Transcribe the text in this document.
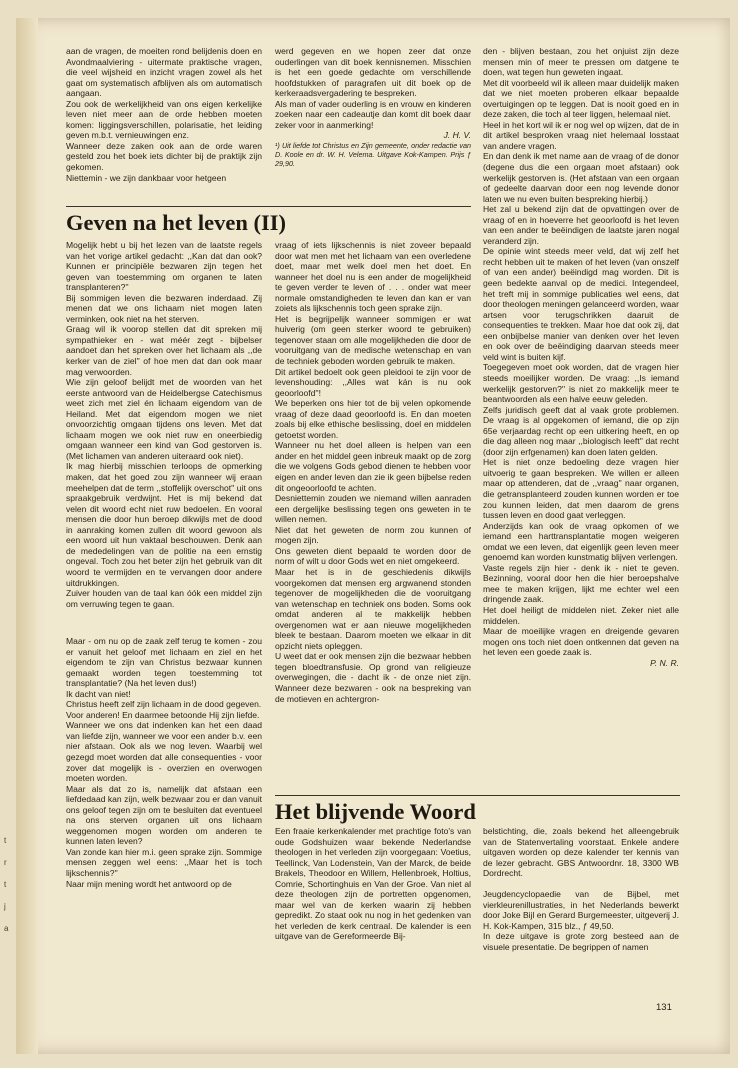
aan de vragen, de moeiten rond belijdenis doen en Avondmaalviering - uitermate praktische vragen, die veel wijsheid en inzicht vragen zowel als het gaat om systematisch afblijven als om automatisch aangaan.

Zou ook de werkelijkheid van ons eigen kerkelijke leven niet meer aan de orde hebben moeten komen: liggingsverschillen, polarisatie, het leiding geven m.b.t. vernieuwingen enz.

Wanneer deze zaken ook aan de orde waren gesteld zou het boek iets dichter bij de praktijk zijn gekomen.

Niettemin - we zijn dankbaar voor hetgeen

werd gegeven en we hopen zeer dat onze ouderlingen van dit boek kennisnemen. Misschien is het een goede gedachte om verschillende hoofdstukken of paragrafen uit dit boek op de kerkeraadsvergadering te bespreken.

Als man of vader ouderling is en vrouw en kinderen zoeken naar een cadeautje dan komt dit boek daar zeker voor in aanmerking!

J. H. V.

¹) Uit liefde tot Christus en Zijn gemeente, onder redactie van D. Koole en dr. W. H. Velema. Uitgave Kok-Kampen. Prijs ƒ 29,90.

den - blijven bestaan, zou het onjuist zijn deze mensen min of meer te pressen om datgene te doen, wat tegen hun geweten ingaat.

Met dit voorbeeld wil ik alleen maar duidelijk maken dat we niet moeten proberen elkaar bepaalde overtuigingen op te leggen. Dat is nooit goed en in deze zaken, die toch al teer liggen, helemaal niet.

Heel in het kort wil ik er nog wel op wijzen, dat de in dit artikel besproken vraag niet helemaal losstaat van andere vragen.

En dan denk ik met name aan de vraag of de donor (degene dus die een orgaan moet afstaan) ook werkelijk gestorven is. (Het afstaan van een orgaan of gedeelte daarvan door een nog levende donor laten we nu even buiten bespreking hierbij.)

Het zal u bekend zijn dat de opvattingen over de vraag of en in hoeverre het geoorloofd is het leven van een ander te beëindigen de laatste jaren nogal veranderd zijn.

De opinie wint steeds meer veld, dat wij zelf het recht hebben uit te maken of het leven (van onszelf of van een ander) beëindigd mag worden. Dit is geen bedekte aanval op de medici. Integendeel, het treft mij in sommige publicaties wel eens, dat door theologen meningen gelanceerd worden, waar artsen voor terugschrikken daaruit de consequenties te trekken. Maar hoe dat ook zij, dat een onbijbelse manier van denken over het leven en ook over de beëindiging daarvan steeds meer veld wint is buiten kijf.

Toegegeven moet ook worden, dat de vragen hier steeds moeilijker worden. De vraag: ,,Is iemand werkelijk gestorven?'' is niet zo makkelijk meer te beantwoorden als een halve eeuw geleden.

Zelfs juridisch geeft dat al vaak grote problemen. De vraag is al opgekomen of iemand, die op zijn 65e verjaardag recht op een uitkering heeft, en op die dag alleen nog maar ,,biologisch leeft'' dat recht (door zijn erfgenamen) kan doen laten gelden.

Het is niet onze bedoeling deze vragen hier uitvoerig te gaan bespreken. We willen er alleen maar op attenderen, dat de ,,vraag'' naar organen, die getransplanteerd zouden kunnen worden er toe zou kunnen leiden, dat men daarom de grens tussen leven en dood gaat verleggen.

Anderzijds kan ook de vraag opkomen of we iemand een harttransplantatie mogen weigeren omdat we een leven, dat eigenlijk geen leven meer genoemd kan worden kunstmatig blijven verlengen.

Vaste regels zijn hier - denk ik - niet te geven. Bezinning, vooral door hen die hier beroepshalve mee te maken krijgen, lijkt me echter wel een dringende zaak.

Het doel heiligt de middelen niet. Zeker niet alle middelen.

Maar de moeilijke vragen en dreigende gevaren mogen ons toch niet doen ontkennen dat geven na het leven een goede zaak is.

P. N. R.

Geven na het leven (II)

Mogelijk hebt u bij het lezen van de laatste regels van het vorige artikel gedacht: ,,Kan dat dan ook? Kunnen er principiële bezwaren zijn tegen het geven van toestemming om organen te laten transplanteren?''

Bij sommigen leven die bezwaren inderdaad. Zij menen dat we ons lichaam niet mogen laten verminken, ook niet na het sterven.

Graag wil ik voorop stellen dat dit spreken mij sympathieker en - wat méér zegt - bijbelser aandoet dan het spreken over het lichaam als ,,de kerker van de ziel'' of hoe men dat dan ook maar mag verwoorden.

Wie zijn geloof belijdt met de woorden van het eerste antwoord van de Heidelbergse Catechismus weet zich met ziel én lichaam eigendom van de Heiland. Met dat eigendom mogen we niet onvoorzichtig omgaan tijdens ons leven. Met dat lichaam mogen we ook niet ruw en oneerbiedig omgaan wanneer een kind van God gestorven is. (Met lichamen van anderen uiteraard ook niet).

Ik mag hierbij misschien terloops de opmerking maken, dat het goed zou zijn wanneer wij eraan meehelpen dat de term ,,stoffelijk overschot'' uit ons spraakgebruik verdwijnt. Het is mij bekend dat velen dit woord echt niet ruw bedoelen. En vooral mensen die door hun beroep dikwijls met de dood in aanraking komen zullen dit woord gewoon als een woord uit hun vaktaal beschouwen. Denk aan de mededelingen van de politie na een ernstig ongeval. Toch zou het beter zijn het gebruik van dit woord te vermijden en te vervangen door andere uitdrukkingen.

Zuiver houden van de taal kan óók een middel zijn om verruwing tegen te gaan.

Maar - om nu op de zaak zelf terug te komen - zou er vanuit het geloof met lichaam en ziel en het eigendom te zijn van Christus bezwaar kunnen gemaakt worden tegen toestemming tot transplantatie? (Na het leven dus!)

Ik dacht van niet!

Christus heeft zelf zijn lichaam in de dood gegeven.

Voor anderen! En daarmee betoonde Hij zijn liefde.

Wanneer we ons dat indenken kan het een daad van liefde zijn, wanneer we voor een ander b.v. een nier afstaan. Ook als we nog leven. Waarbij wel gezegd moet worden dat alle consequenties - voor zover dat mogelijk is - overzien en overwogen moeten worden.

Maar als dat zo is, namelijk dat afstaan een liefdedaad kan zijn, welk bezwaar zou er dan vanuit ons geloof tegen zijn om te besluiten dat eventueel na ons sterven organen uit ons lichaam weggenomen mogen worden om anderen te kunnen laten leven?

Van zonde kan hier m.i. geen sprake zijn. Sommige mensen zeggen wel eens: ,,Maar het is toch lijkschennis?''

Naar mijn mening wordt het antwoord op de

vraag of iets lijkschennis is niet zoveer bepaald door wat men met het lichaam van een overledene doet, maar met welk doel men het doet. En wanneer het doel nu is een ander de mogelijkheid te geven verder te leven of . . . onder wat meer normale omstandigheden te leven dan kan er van zoiets als lijkschennis toch geen sprake zijn.

Het is begrijpelijk wanneer sommigen er wat huiverig (om geen sterker woord te gebruiken) tegenover staan om alle mogelijkheden die door de vooruitgang van de medische wetenschap en van de techniek geboden worden gebruik te maken.

Dit artikel bedoelt ook geen pleidooi te zijn voor de levenshouding: ,,Alles wat kán is nu ook geoorloofd''!

We beperken ons hier tot de bij velen opkomende vraag of deze daad geoorloofd is. En dan moeten zoals bij elke ethische beslissing, doel en middelen getoetst worden.

Wanneer nu het doel alleen is helpen van een ander en het middel geen inbreuk maakt op de zorg die we volgens Gods gebod dienen te hebben voor eigen en ander leven dan zie ik geen bijbelse reden dit ongeoorloofd te achten.

Desniettemin zouden we niemand willen aanraden een dergelijke beslissing tegen ons geweten in te willen nemen.

Niet dat het geweten de norm zou kunnen of mogen zijn.

Ons geweten dient bepaald te worden door de norm of wilt u door Gods wet en niet omgekeerd.

Maar het is in de geschiedenis dikwijls voorgekomen dat mensen erg argwanend stonden tegenover de mogelijkheden die de vooruitgang van wetenschap en techniek ons boden. Soms ook omdat anderen al te makkelijk hebben overgenomen wat er aan nieuwe mogelijkheden bleek te bestaan. Daarom moeten we elkaar in dit opzicht niets opleggen.

U weet dat er ook mensen zijn die bezwaar hebben tegen bloedtransfusie. Op grond van religieuze overwegingen, die - dacht ik - de onze niet zijn. Wanneer deze bezwaren - ook na bespreking van de motieven en achtergron-

Het blijvende Woord

Een fraaie kerkenkalender met prachtige foto's van oude Godshuizen waar bekende Nederlandse theologen in het verleden zijn voorgegaan: Voetius, Teellinck, Van Lodenstein, Van der Marck, de beide Brakels, Theodoor en Willem, Hellenbroek, Holtius, Comrie, Schortinghuis en Van der Groe. Van niet al deze theologen zijn de portretten opgenomen, maar wel van de kerken waarin zij hebben gepredikt. Zo staat ook nu nog in het gedenken van het verleden de kerk centraal. De kalender is een uitgave van de Gereformeerde Bij-

belstichting, die, zoals bekend het alleengebruik van de Statenvertaling voorstaat. Enkele andere uitgaven worden op deze kalender ter kennis van de lezer gebracht. GBS Antwoordnr. 18, 3300 WB Dordrecht.

Jeugdencyclopaedie van de Bijbel, met vierkleurenillustraties, in het Nederlands bewerkt door Joke Bijl en Gerard Burgemeester, uitgeverij J. H. Kok-Kampen, 315 blz., ƒ 49,50.

In deze uitgave is grote zorg besteed aan de visuele presentatie. De begrippen of namen

131
t
r
t
j
a
